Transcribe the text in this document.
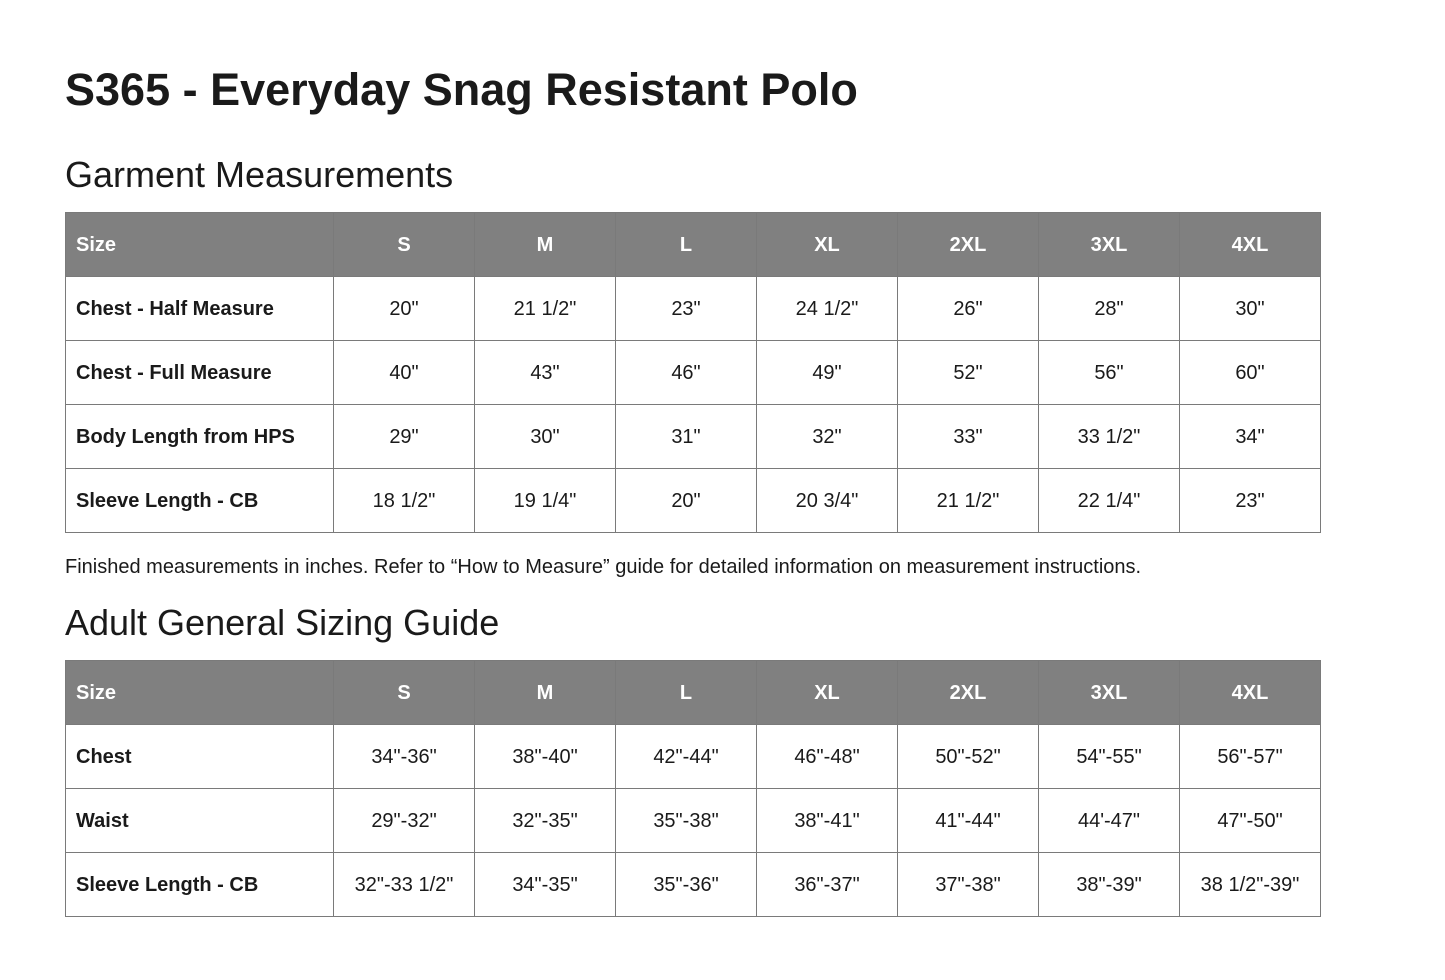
S365 - Everyday Snag Resistant Polo
Garment Measurements
Size	S	M	L	XL	2XL	3XL	4XL
Chest - Half Measure	20"	21 1/2"	23"	24 1/2"	26"	28"	30"
Chest - Full Measure	40"	43"	46"	49"	52"	56"	60"
Body Length from HPS	29"	30"	31"	32"	33"	33 1/2"	34"
Sleeve Length - CB	18 1/2"	19 1/4"	20"	20 3/4"	21 1/2"	22 1/4"	23"

Finished measurements in inches. Refer to “How to Measure” guide for detailed information on measurement instructions.

Adult General Sizing Guide
Size	S	M	L	XL	2XL	3XL	4XL
Chest	34"-36"	38"-40"	42"-44"	46"-48"	50"-52"	54"-55"	56"-57"
Waist	29"-32"	32"-35"	35"-38"	38"-41"	41"-44"	44'-47"	47"-50"
Sleeve Length - CB	32"-33 1/2"	34"-35"	35"-36"	36"-37"	37"-38"	38"-39"	38 1/2"-39"
